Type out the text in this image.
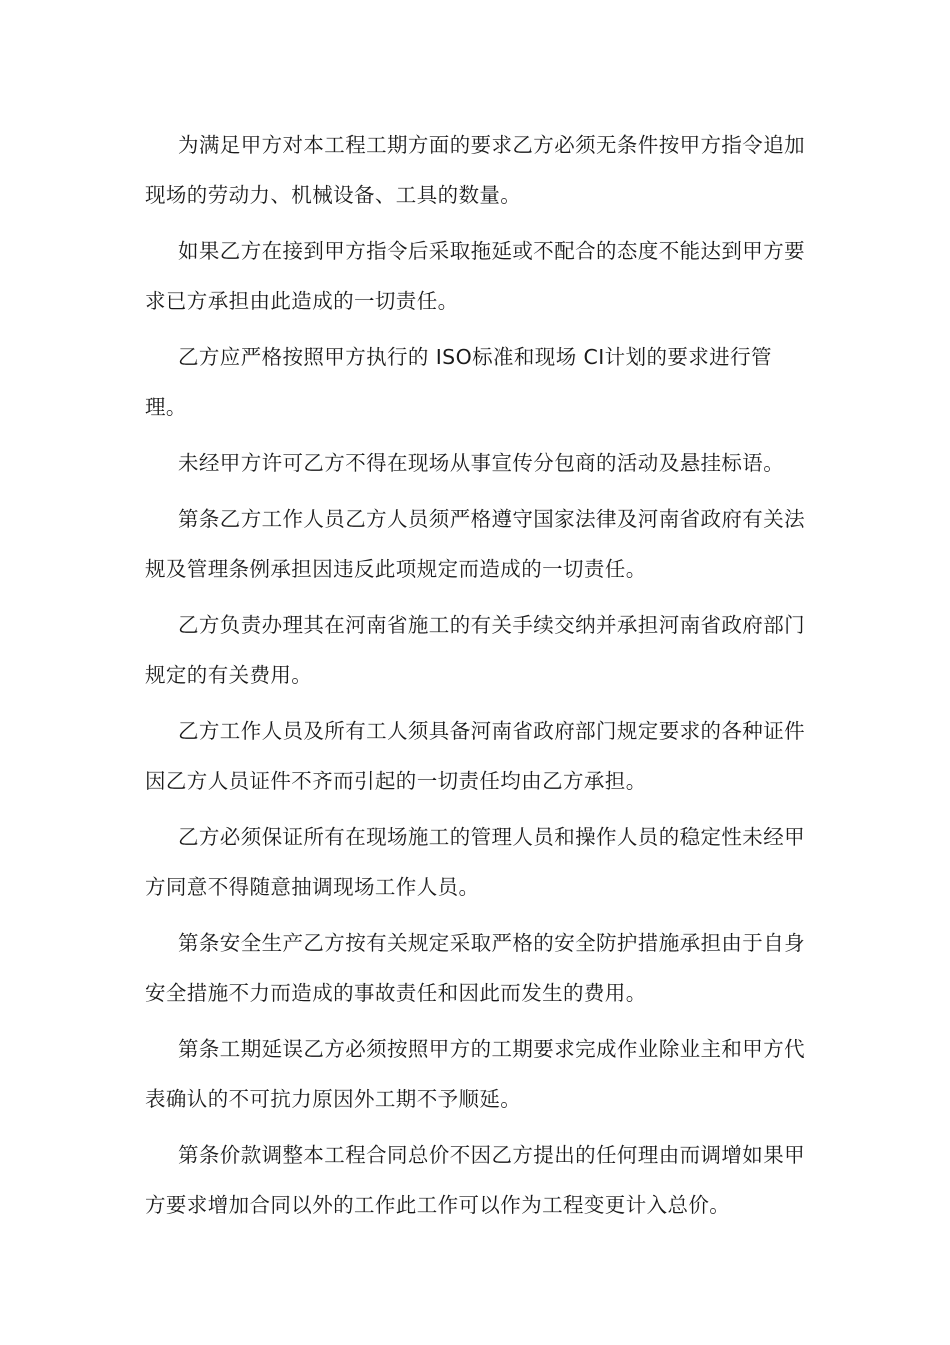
为满足甲方对本工程工期方面的要求乙方必须无条件按甲方指令追加现场的劳动力、机械设备、工具的数量。

如果乙方在接到甲方指令后采取拖延或不配合的态度不能达到甲方要求已方承担由此造成的一切责任。

乙方应严格按照甲方执行的 ISO标准和现场 CI计划的要求进行管理。

未经甲方许可乙方不得在现场从事宣传分包商的活动及悬挂标语。

第条乙方工作人员乙方人员须严格遵守国家法律及河南省政府有关法规及管理条例承担因违反此项规定而造成的一切责任。

乙方负责办理其在河南省施工的有关手续交纳并承担河南省政府部门规定的有关费用。

乙方工作人员及所有工人须具备河南省政府部门规定要求的各种证件因乙方人员证件不齐而引起的一切责任均由乙方承担。

乙方必须保证所有在现场施工的管理人员和操作人员的稳定性未经甲方同意不得随意抽调现场工作人员。

第条安全生产乙方按有关规定采取严格的安全防护措施承担由于自身安全措施不力而造成的事故责任和因此而发生的费用。

第条工期延误乙方必须按照甲方的工期要求完成作业除业主和甲方代表确认的不可抗力原因外工期不予顺延。

第条价款调整本工程合同总价不因乙方提出的任何理由而调增如果甲方要求增加合同以外的工作此工作可以作为工程变更计入总价。
